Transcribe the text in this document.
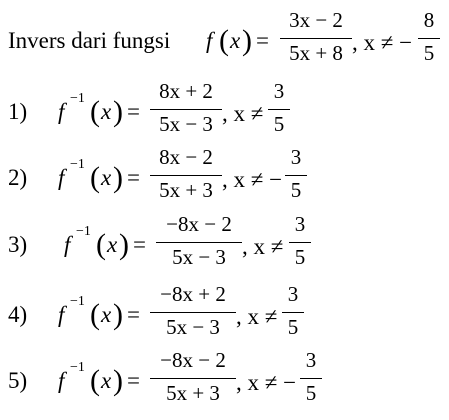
Invers dari fungsi f ( x ) =
3x − 2
5x + 8 , x ≠ −
8
5
1) f
−1 ( x ) =
8x + 2
5x − 3 , x ≠
3
5
2) f
−1 ( x ) =
8x − 2
5x + 3 , x ≠ −
3
5
3) f
−1 ( x ) =
−8x − 2
5x − 3 , x ≠
3
5
4) f
−1 ( x ) =
−8x + 2
5x − 3 , x ≠
3
5
5) f
−1 ( x ) =
−8x − 2
5x + 3 , x ≠ −
3
5
